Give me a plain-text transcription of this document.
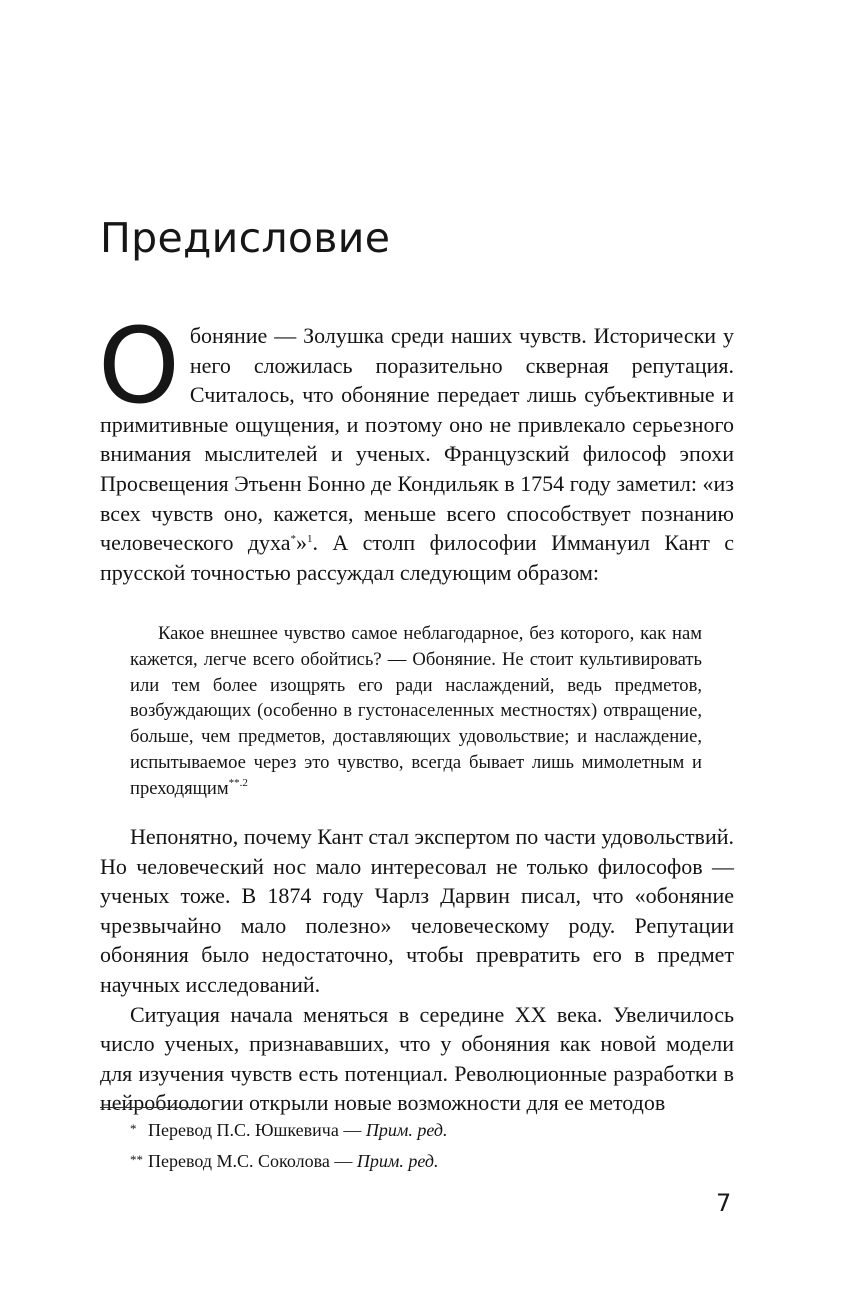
Предисловие

Обоняние — Золушка среди наших чувств. Исторически у него сложилась поразительно скверная репутация. Считалось, что обоняние передает лишь субъективные и примитивные ощущения, и поэтому оно не привлекало серьезного внимания мыслителей и ученых. Французский философ эпохи Просвещения Этьенн Бонно де Кондильяк в 1754 году заметил: «из всех чувств оно, кажется, меньше всего способствует познанию человеческого духа*»$^1$. А столп философии Иммануил Кант с прусской точностью рассуждал следующим образом:

Какое внешнее чувство самое неблагодарное, без которого, как нам кажется, легче всего обойтись? — Обоняние. Не стоит культивировать или тем более изощрять его ради наслаждений, ведь предметов, возбуждающих (особенно в густонаселенных местностях) отвращение, больше, чем предметов, доставляющих удовольствие; и наслаждение, испытываемое через это чувство, всегда бывает лишь мимолетным и преходящим$^{**.2}$

Непонятно, почему Кант стал экспертом по части удовольствий. Но человеческий нос мало интересовал не только философов — ученых тоже. В 1874 году Чарлз Дарвин писал, что «обоняние чрезвычайно мало полезно» человеческому роду. Репутации обоняния было недостаточно, чтобы превратить его в предмет научных исследований.

Ситуация начала меняться в середине XX века. Увеличилось число ученых, признававших, что у обоняния как новой модели для изучения чувств есть потенциал. Революционные разработки в нейробиологии открыли новые возможности для ее методов

* Перевод П.С. Юшкевича — Прим. ред.
** Перевод М.С. Соколова — Прим. ред.
7
